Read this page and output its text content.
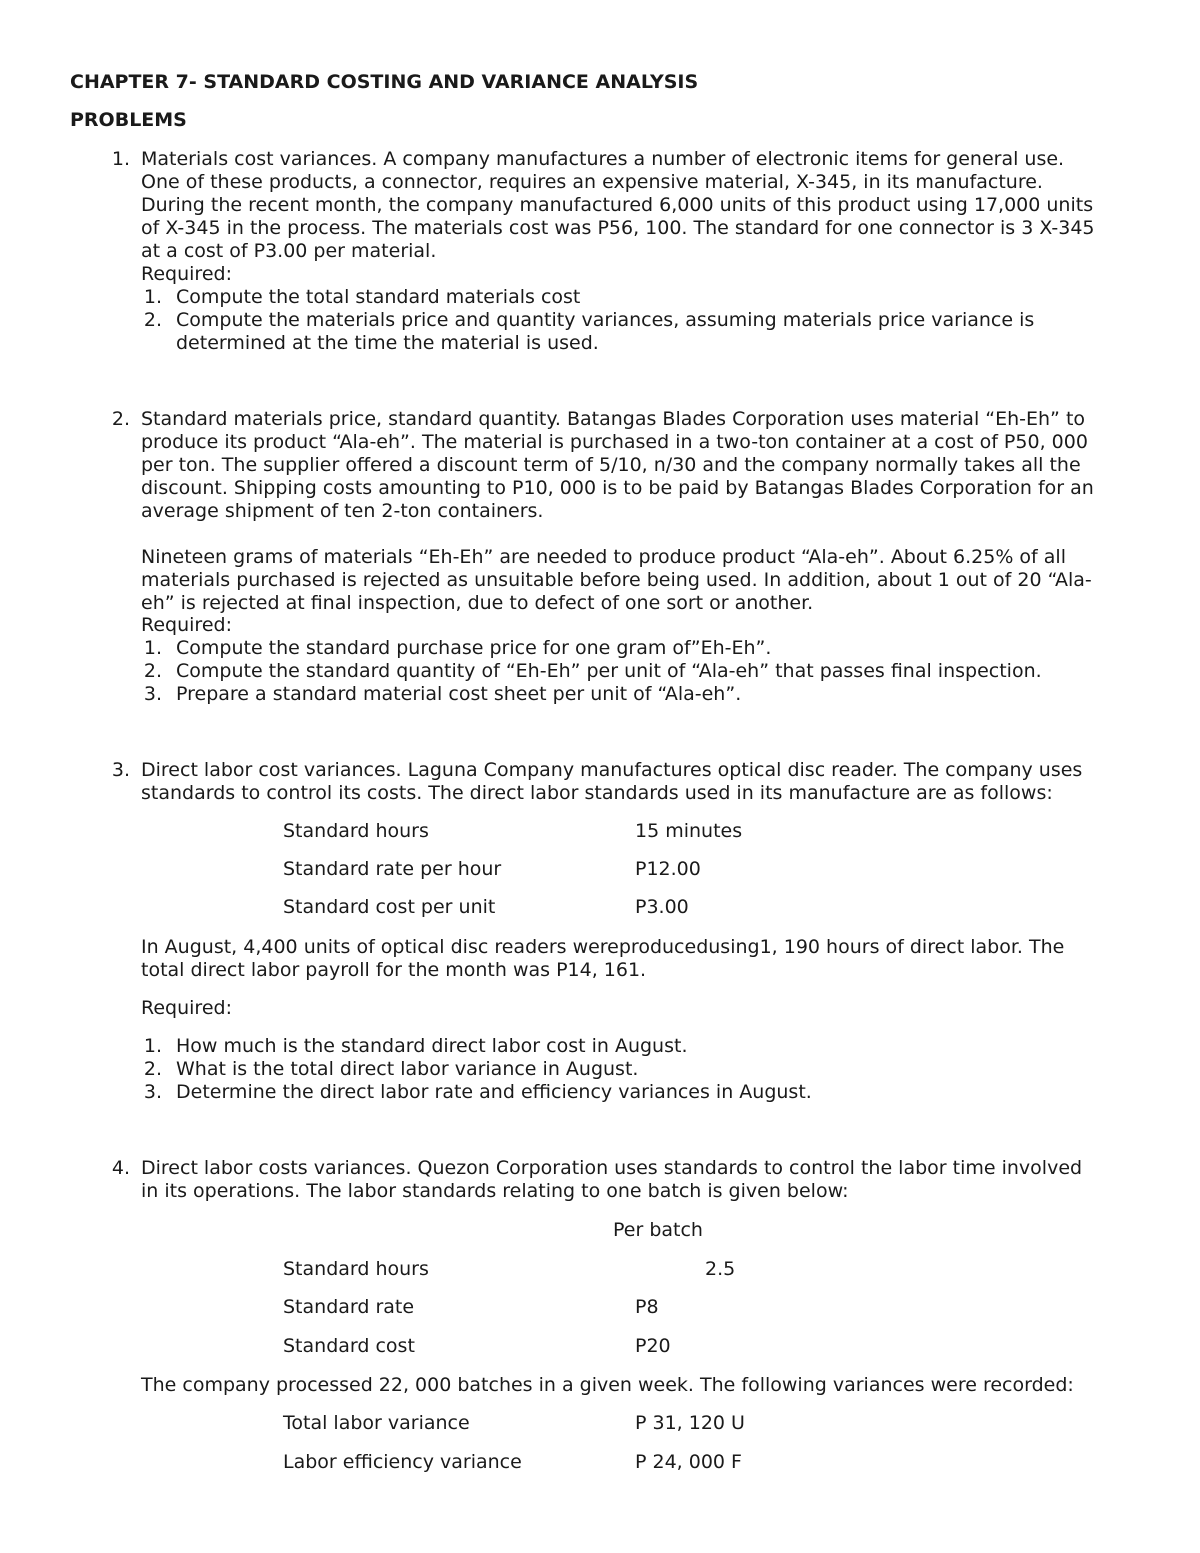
CHAPTER 7- STANDARD COSTING AND VARIANCE ANALYSIS
PROBLEMS
1. Materials cost variances. A company manufactures a number of electronic items for general use.
One of these products, a connector, requires an expensive material, X-345, in its manufacture.
During the recent month, the company manufactured 6,000 units of this product using 17,000 units
of X-345 in the process. The materials cost was P56, 100. The standard for one connector is 3 X-345
at a cost of P3.00 per material.
Required:
1. Compute the total standard materials cost
2. Compute the materials price and quantity variances, assuming materials price variance is
determined at the time the material is used.
2. Standard materials price, standard quantity. Batangas Blades Corporation uses material “Eh-Eh” to
produce its product “Ala-eh”. The material is purchased in a two-ton container at a cost of P50, 000
per ton. The supplier offered a discount term of 5/10, n/30 and the company normally takes all the
discount. Shipping costs amounting to P10, 000 is to be paid by Batangas Blades Corporation for an
average shipment of ten 2-ton containers.
Nineteen grams of materials “Eh-Eh” are needed to produce product “Ala-eh”. About 6.25% of all
materials purchased is rejected as unsuitable before being used. In addition, about 1 out of 20 “Ala-
eh” is rejected at final inspection, due to defect of one sort or another.
Required:
1. Compute the standard purchase price for one gram of”Eh-Eh”.
2. Compute the standard quantity of “Eh-Eh” per unit of “Ala-eh” that passes final inspection.
3. Prepare a standard material cost sheet per unit of “Ala-eh”.
3. Direct labor cost variances. Laguna Company manufactures optical disc reader. The company uses
standards to control its costs. The direct labor standards used in its manufacture are as follows:
Standard hours	15 minutes
Standard rate per hour	P12.00
Standard cost per unit	P3.00
In August, 4,400 units of optical disc readers wereproducedusing1, 190 hours of direct labor. The
total direct labor payroll for the month was P14, 161.
Required:
1. How much is the standard direct labor cost in August.
2. What is the total direct labor variance in August.
3. Determine the direct labor rate and efficiency variances in August.
4. Direct labor costs variances. Quezon Corporation uses standards to control the labor time involved
in its operations. The labor standards relating to one batch is given below:
Per batch
Standard hours	2.5
Standard rate	P8
Standard cost	P20
The company processed 22, 000 batches in a given week. The following variances were recorded:
Total labor variance	P 31, 120 U
Labor efficiency variance	P 24, 000 F
